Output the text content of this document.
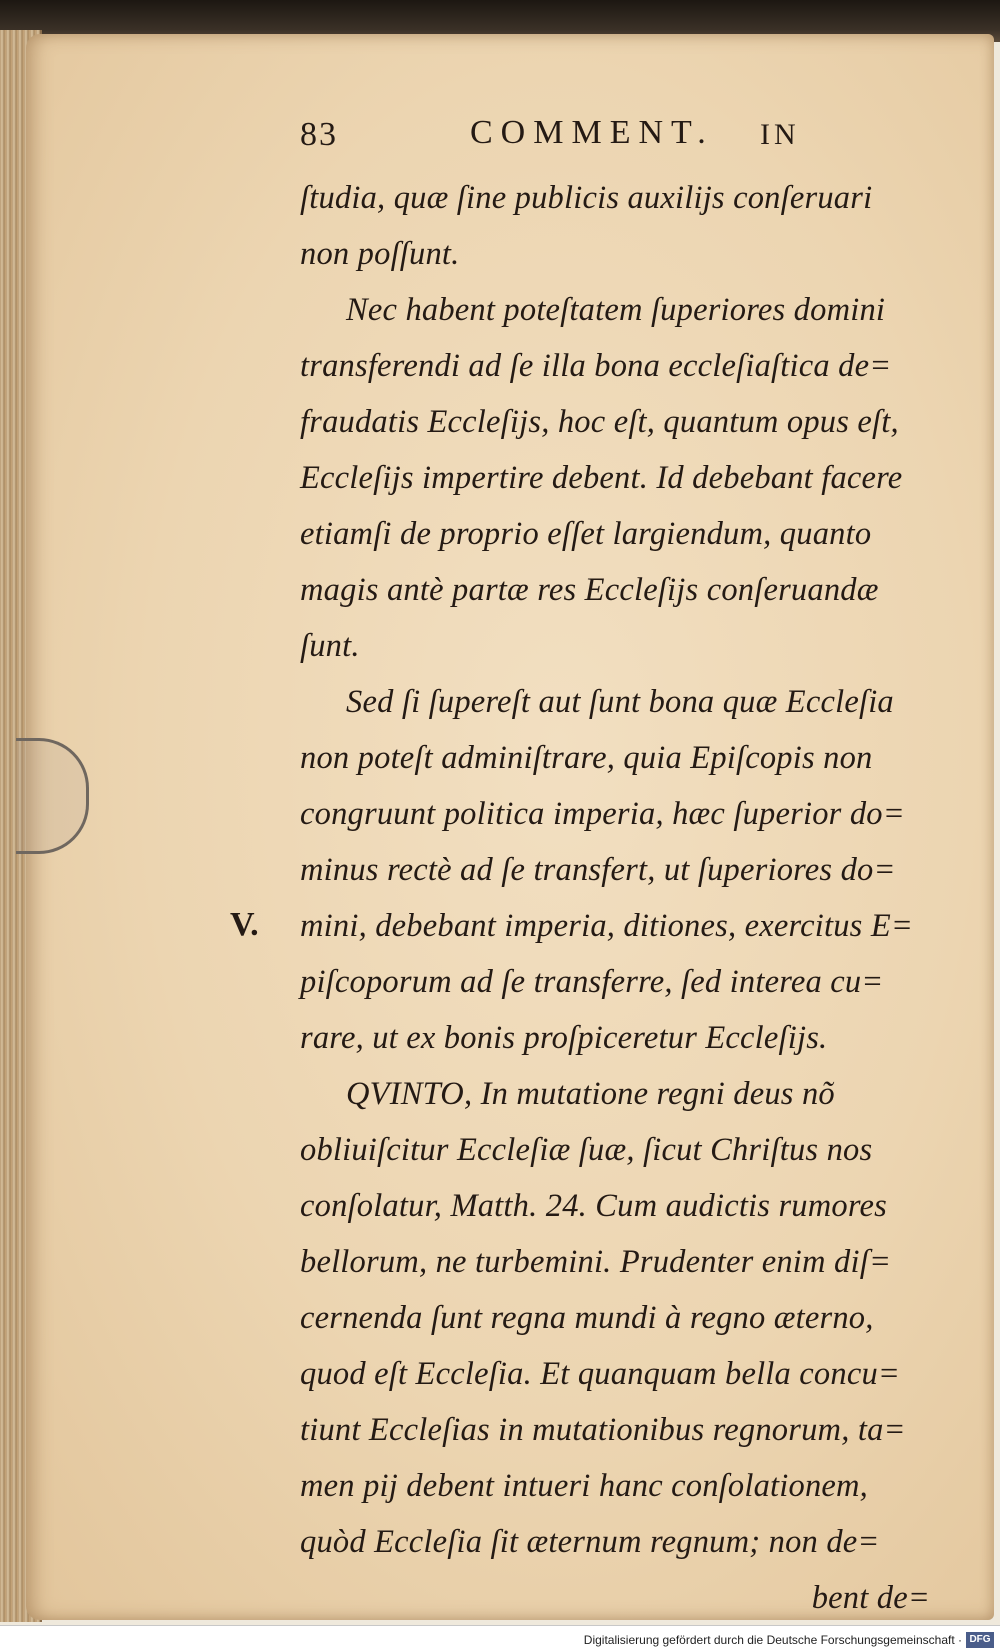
V.
83	COMMENT. IN
ſtudia, quæ ſine publicis auxilijs conſeruari
non poſſunt.
Nec habent poteſtatem ſuperiores domini
transferendi ad ſe illa bona eccleſiaſtica de=
fraudatis Eccleſijs, hoc eſt, quantum opus eſt,
Eccleſijs impertire debent. Id debebant facere
etiamſi de proprio eſſet largiendum, quanto
magis antè partæ res Eccleſijs conſeruandæ
ſunt.
Sed ſi ſupereſt aut ſunt bona quæ Eccleſia
non poteſt adminiſtrare, quia Epiſcopis non
congruunt politica imperia, hæc ſuperior do=
minus rectè ad ſe transfert, ut ſuperiores do=
mini, debebant imperia, ditiones, exercitus E=
piſcoporum ad ſe transferre, ſed interea cu=
rare, ut ex bonis proſpiceretur Eccleſijs.
QVINTO, In mutatione regni deus nõ
obliuiſcitur Eccleſiæ ſuæ, ſicut Chriſtus nos
conſolatur, Matth. 24. Cum audictis rumores
bellorum, ne turbemini. Prudenter enim diſ=
cernenda ſunt regna mundi à regno æterno,
quod eſt Eccleſia. Et quanquam bella concu=
tiunt Eccleſias in mutationibus regnorum, ta=
men pij debent intueri hanc conſolationem,
quòd Eccleſia ſit æternum regnum; non de=
bent de=
Digitalisierung gefördert durch die Deutsche Forschungsgemeinschaft · DFG
